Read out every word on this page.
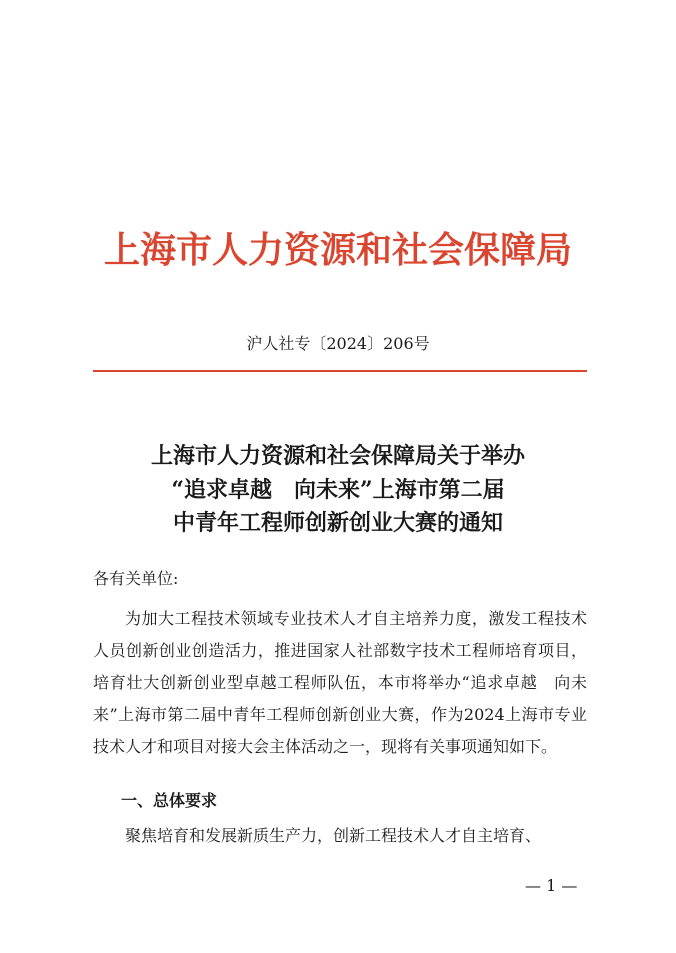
上海市人力资源和社会保障局
沪人社专〔2024〕206号
上海市人力资源和社会保障局关于举办
“追求卓越　向未来”上海市第二届
中青年工程师创新创业大赛的通知
各有关单位:
为加大工程技术领域专业技术人才自主培养力度，激发工程技术人员创新创业创造活力，推进国家人社部数字技术工程师培育项目，培育壮大创新创业型卓越工程师队伍，本市将举办“追求卓越　向未来”上海市第二届中青年工程师创新创业大赛，作为2024上海市专业技术人才和项目对接大会主体活动之一，现将有关事项通知如下。
一、总体要求
聚焦培育和发展新质生产力，创新工程技术人才自主培育、
— 1 —
